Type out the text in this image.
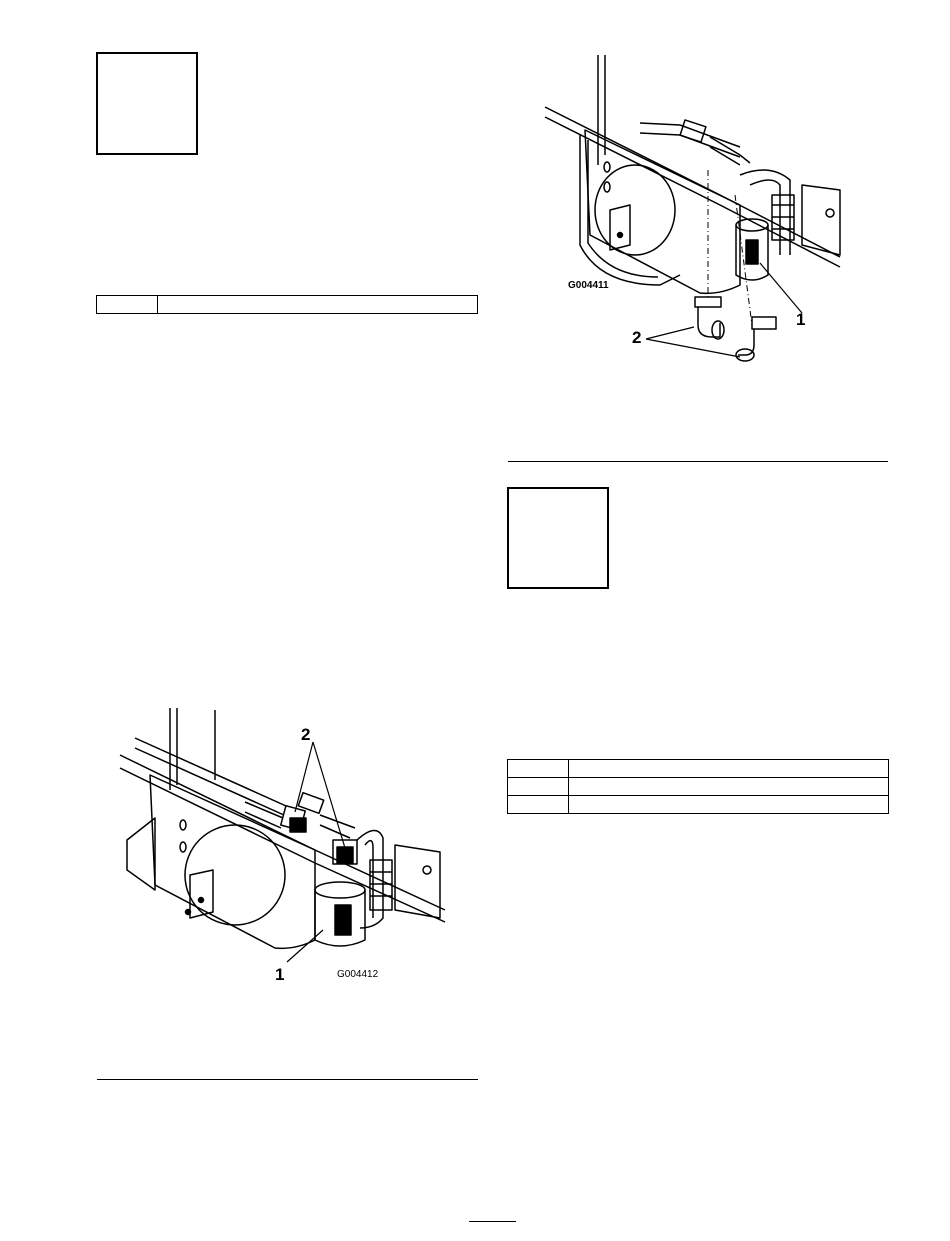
G004411
1
2

2
1	G004412
